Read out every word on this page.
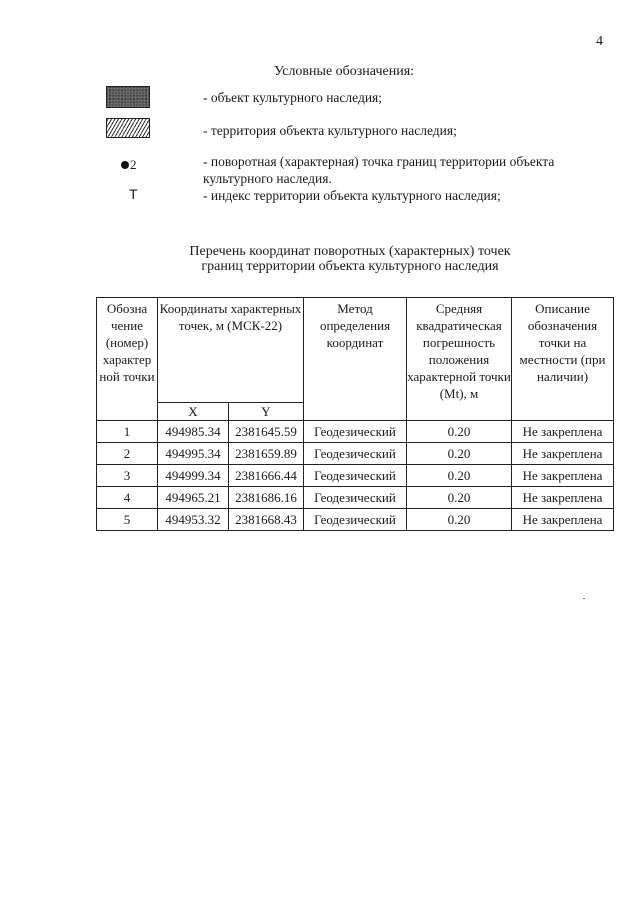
4
Условные обозначения:
- объект культурного наследия;
- территория объекта культурного наследия;
2	- поворотная (характерная) точка границ территории объекта культурного наследия.
Т	- индекс территории объекта культурного наследия;
Перечень координат поворотных (характерных) точек
границ территории объекта культурного наследия
Обозна чение (номер) характер ной точки	Координаты характерных точек, м (МСК-22)		Метод определения координат	Средняя квадратическая погрешность положения характерной точки (Mt), м	Описание обозначения точки на местности (при наличии)
	X	Y			
1	494985.34	2381645.59	Геодезический	0.20	Не закреплена
2	494995.34	2381659.89	Геодезический	0.20	Не закреплена
3	494999.34	2381666.44	Геодезический	0.20	Не закреплена
4	494965.21	2381686.16	Геодезический	0.20	Не закреплена
5	494953.32	2381668.43	Геодезический	0.20	Не закреплена
